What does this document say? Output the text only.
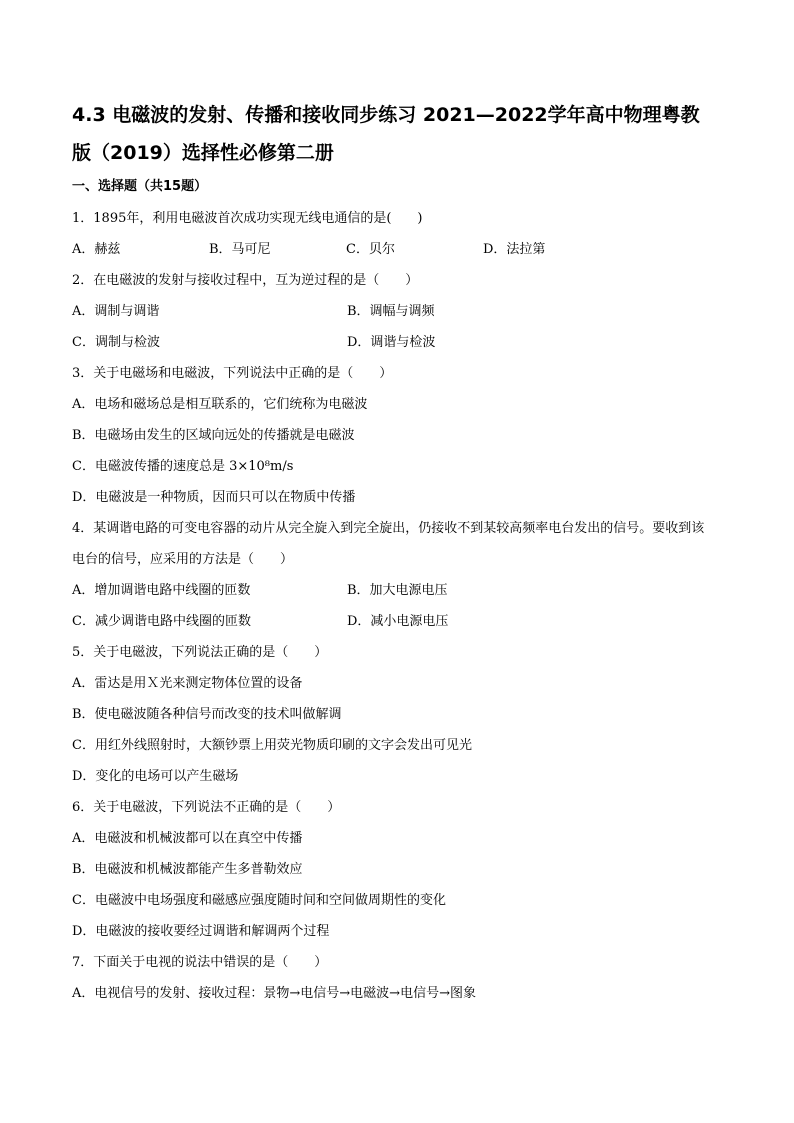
4.3 电磁波的发射、传播和接收同步练习 2021—2022学年高中物理粤教版（2019）选择性必修第二册
一、选择题（共15题）

1．1895年，利用电磁波首次成功实现无线电通信的是(　　)

A．赫兹	B．马可尼	C．贝尔	D．法拉第

2．在电磁波的发射与接收过程中，互为逆过程的是（　　）

A．调制与调谐	B．调幅与调频
C．调制与检波	D．调谐与检波

3．关于电磁场和电磁波，下列说法中正确的是（　　）

A．电场和磁场总是相互联系的，它们统称为电磁波

B．电磁场由发生的区域向远处的传播就是电磁波

C．电磁波传播的速度总是 3×10⁸m/s

D．电磁波是一种物质，因而只可以在物质中传播

4．某调谐电路的可变电容器的动片从完全旋入到完全旋出，仍接收不到某较高频率电台发出的信号。要收到该电台的信号，应采用的方法是（　　）

A．增加调谐电路中线圈的匝数	B．加大电源电压
C．减少调谐电路中线圈的匝数	D．减小电源电压

5．关于电磁波，下列说法正确的是（　　）

A．雷达是用Ｘ光来测定物体位置的设备

B．使电磁波随各种信号而改变的技术叫做解调

C．用红外线照射时，大额钞票上用荧光物质印刷的文字会发出可见光

D．变化的电场可以产生磁场

6．关于电磁波，下列说法不正确的是（　　）

A．电磁波和机械波都可以在真空中传播

B．电磁波和机械波都能产生多普勒效应

C．电磁波中电场强度和磁感应强度随时间和空间做周期性的变化

D．电磁波的接收要经过调谐和解调两个过程

7．下面关于电视的说法中错误的是（　　）

A．电视信号的发射、接收过程：景物→电信号→电磁波→电信号→图象
